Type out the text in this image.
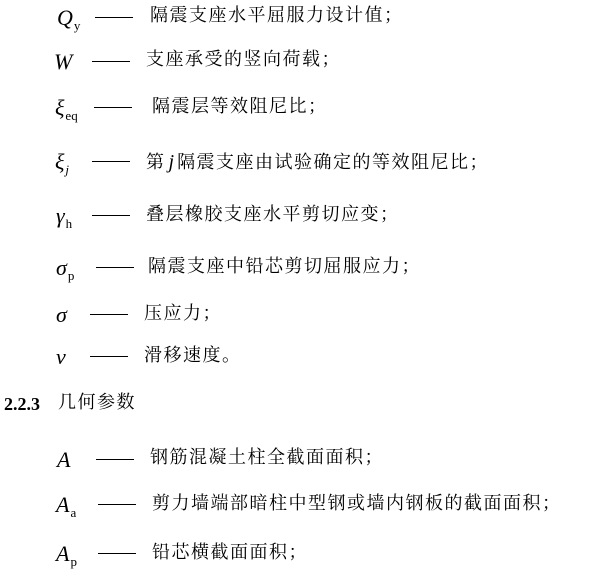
$Q_y$	隔震支座水平屈服力设计值；
W	支座承受的竖向荷载；
$\xi_{eq}$	隔震层等效阻尼比；
$\xi_j$	第 j 隔震支座由试验确定的等效阻尼比；
$\gamma_h$	叠层橡胶支座水平剪切应变；
$\sigma_p$	隔震支座中铅芯剪切屈服应力；
σ	压应力；
v	滑移速度。
2.2.3 几何参数
A	钢筋混凝土柱全截面面积；
$A_a$	剪力墙端部暗柱中型钢或墙内钢板的截面面积；
$A_p$	铅芯横截面面积；
